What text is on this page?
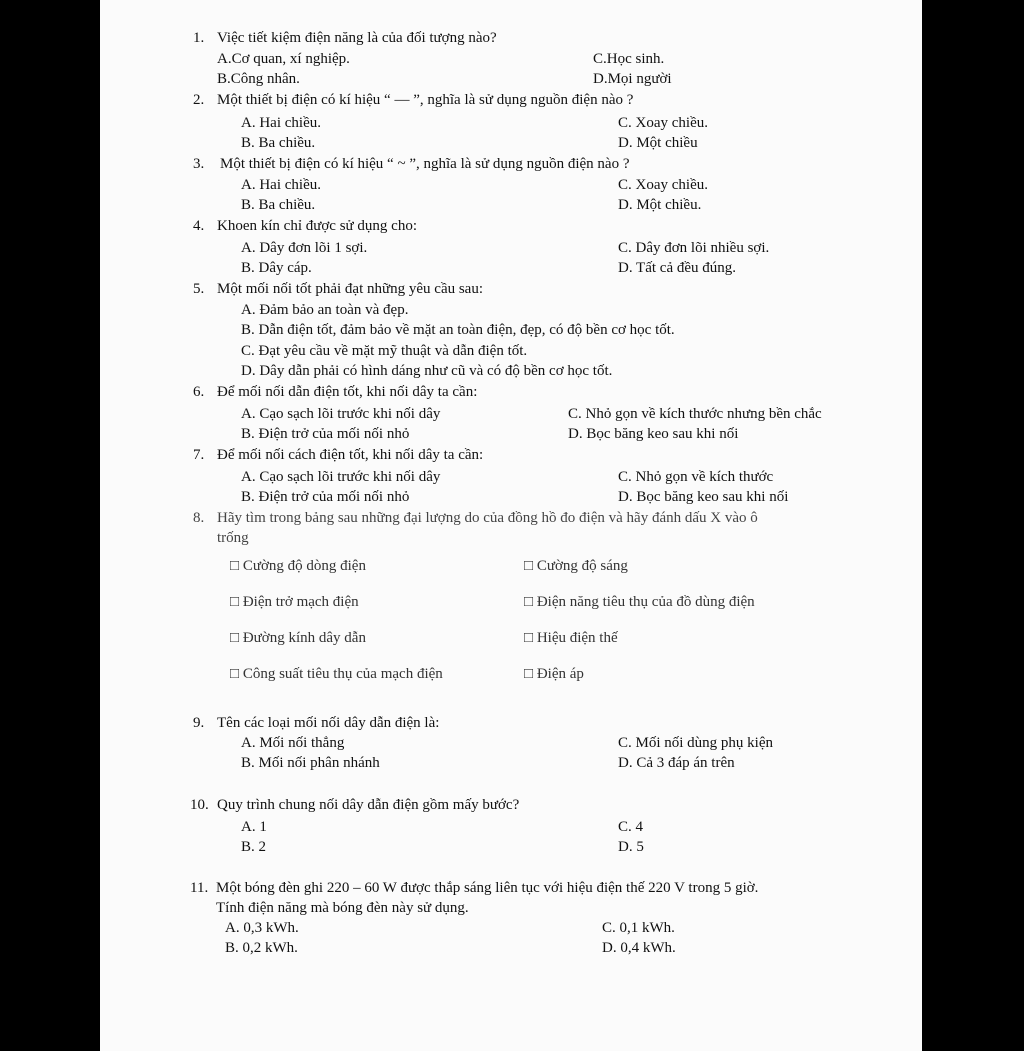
1. Việc tiết kiệm điện năng là của đối tượng nào?
A.Cơ quan, xí nghiệp.	C.Học sinh.
B.Công nhân.	D.Mọi người
2. Một thiết bị điện có kí hiệu “ — ”, nghĩa là sử dụng nguồn điện nào ?
A. Hai chiều.	C. Xoay chiều.
B. Ba chiều.	D. Một chiều
3. Một thiết bị điện có kí hiệu “ ~ ”, nghĩa là sử dụng nguồn điện nào ?
A. Hai chiều.	C. Xoay chiều.
B. Ba chiều.	D. Một chiều.
4. Khoen kín chỉ được sử dụng cho:
A. Dây đơn lõi 1 sợi.	C. Dây đơn lõi nhiều sợi.
B. Dây cáp.	D. Tất cả đều đúng.
5. Một mối nối tốt phải đạt những yêu cầu sau:
A. Đảm bảo an toàn và đẹp.
B. Dẫn điện tốt, đảm bảo về mặt an toàn điện, đẹp, có độ bền cơ học tốt.
C. Đạt yêu cầu về mặt mỹ thuật và dẫn điện tốt.
D. Dây dẫn phải có hình dáng như cũ và có độ bền cơ học tốt.
6. Để mối nối dẫn điện tốt, khi nối dây ta cần:
A. Cạo sạch lõi trước khi nối dây	C. Nhỏ gọn về kích thước nhưng bền chắc
B. Điện trở của mối nối nhỏ	D. Bọc băng keo sau khi nối
7. Để mối nối cách điện tốt, khi nối dây ta cần:
A. Cạo sạch lõi trước khi nối dây	C. Nhỏ gọn về kích thước
B. Điện trở của mối nối nhỏ	D. Bọc băng keo sau khi nối
8. Hãy tìm trong bảng sau những đại lượng do của đồng hồ đo điện và hãy đánh dấu X vào ô
trống
□ Cường độ dòng điện	□ Cường độ sáng
□ Điện trở mạch điện	□ Điện năng tiêu thụ của đồ dùng điện
□ Đường kính dây dẫn	□ Hiệu điện thế
□ Công suất tiêu thụ của mạch điện	□ Điện áp
9. Tên các loại mối nối dây dẫn điện là:
A. Mối nối thẳng	C. Mối nối dùng phụ kiện
B. Mối nối phân nhánh	D. Cả 3 đáp án trên
10. Quy trình chung nối dây dẫn điện gồm mấy bước?
A. 1	C. 4
B. 2	D. 5
11. Một bóng đèn ghi 220 – 60 W được thắp sáng liên tục với hiệu điện thế 220 V trong 5 giờ.
Tính điện năng mà bóng đèn này sử dụng.
A. 0,3 kWh.	C. 0,1 kWh.
B. 0,2 kWh.	D. 0,4 kWh.
